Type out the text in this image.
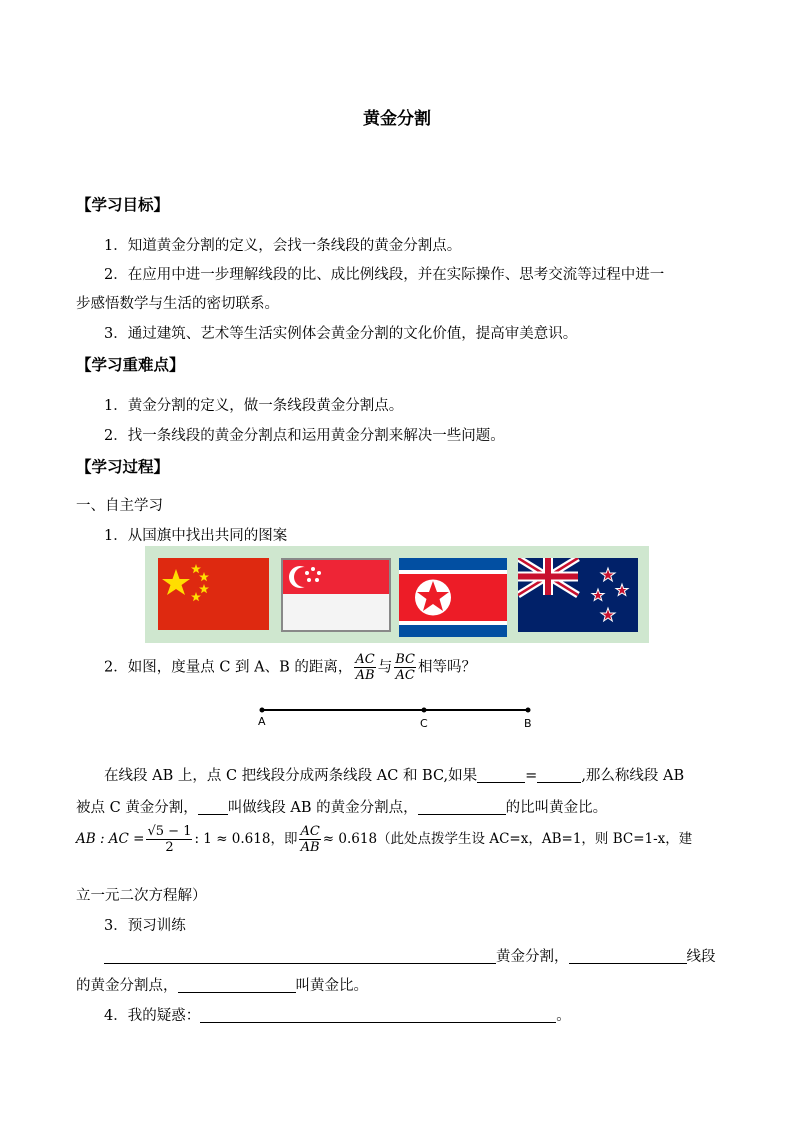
黄金分割
【学习目标】
1．知道黄金分割的定义，会找一条线段的黄金分割点。
2．在应用中进一步理解线段的比、成比例线段，并在实际操作、思考交流等过程中进一
步感悟数学与生活的密切联系。
3．通过建筑、艺术等生活实例体会黄金分割的文化价值，提高审美意识。
【学习重难点】
1．黄金分割的定义，做一条线段黄金分割点。
2．找一条线段的黄金分割点和运用黄金分割来解决一些问题。
【学习过程】
一、自主学习
1．从国旗中找出共同的图案
2．如图，度量点 C 到 A、B 的距离， $\frac{AC}{AB}$ 与 $\frac{BC}{AC}$ 相等吗？
A	C	B
在线段 AB 上，点 C 把线段分成两条线段 AC 和 BC,如果	=	,那么称线段 AB
被点 C 黄金分割， 叫做线段 AB 的黄金分割点，	的比叫黄金比。
AB : AC = $\frac{√5 - 1}{2}$ : 1 ≈ 0.618，即 $\frac{AC}{AB} \approx 0.618$（此处点拨学生设 AC=x，AB=1，则 BC=1-x，建
立一元二次方程解）
3．预习训练
黄金分割，	线段
的黄金分割点，	叫黄金比。
4．我的疑惑：	。
